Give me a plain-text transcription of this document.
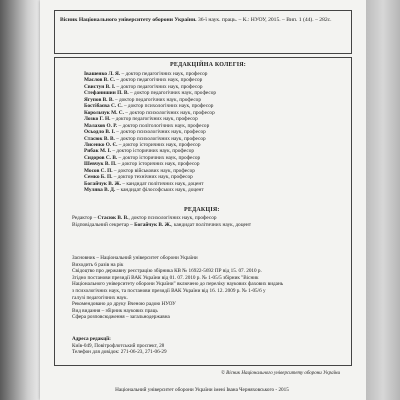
Вісник Національного університету оборони України. 36-ї наук. праць. – К.: НУОУ, 2015. – Вип. 1 (44). – 282с.
РЕДАКЦІЙНА КОЛЕГІЯ:
Івашенко Л. Я. – доктор педагогічних наук, професор
Маслов В. С. – доктор педагогічних наук, професор
Свистун В. І. – доктор педагогічних наук, професор
Стефанишин П. В. – доктор педагогічних наук, професор
Ягупов В. В. – доктор педагогічних наук, професор
Бостібаєва С. С. – доктор психологічних наук, професор
Корольчук М. С. – доктор психологічних наук, професор
Лозко Г. Н. – доктор педагогічних наук, професор
Малахов О. Р. – доктор політологічних наук, професор
Осьодло В. І. – доктор психологічних наук, професор
Стасюк В. В. – доктор психологічних наук, професор
Лисенко О. Є. – доктор історичних наук, професор
Рибак М. І. – доктор історичних наук, професор
Сидоров С. В. – доктор історичних наук, професор
Шевчук В. П. – доктор історичних наук, професор
Мосов С. П. – доктор військових наук, професор
Семко Б. П. – доктор технічних наук, професор
Богайчук В. Ж. – кандидат політичних наук, доцент
Мулява В. Д. – кандидат філософських наук, доцент
РЕДАКЦІЯ:
Редактор – Стасюк В. В., доктор психологічних наук, професор
Відповідальний секретар – Богайчук В. Ж., кандидат політичних наук, доцент
Засновник – Національний університет оборони України
Виходить 6 разів на рік
Свідоцтво про державну реєстрацію збірника КВ № 16922-5692 ПР від 15. 07. 2010 р.
Згідно постанови президії ВАК України від 01. 07. 2010 р. № 1-05/5 збірник "Вісник
Національного університету оборони України" включено до переліку наукових фахових видань
з психологічних наук, та постанови президії ВАК України від 16. 12. 2009 р. № 1-05/6 у
галузі педагогічних наук.
Рекомендовано до друку Вченою радою НУОУ
Вид видання – збірник наукових праць
Сфера розповсюдження – загальнодержавна
Адреса редакції:
Київ-049, Повітрофлотський проспект, 28
Телефон для довідок: 271-06-23, 271-06-29
© Вісник Національного університету оборони України
Національний університет оборони України імені Івана Черняховського - 2015
